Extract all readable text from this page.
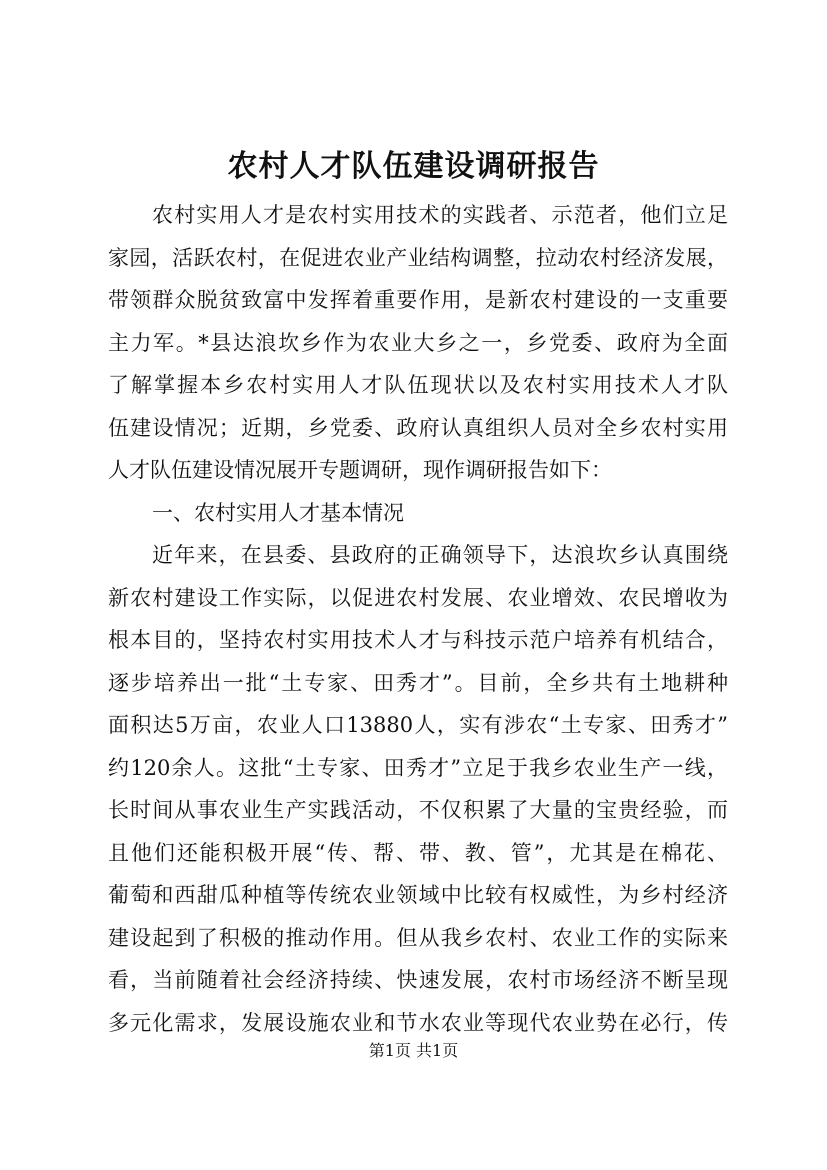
农村人才队伍建设调研报告
农村实用人才是农村实用技术的实践者、示范者，他们立足
家园，活跃农村，在促进农业产业结构调整，拉动农村经济发展，
带领群众脱贫致富中发挥着重要作用，是新农村建设的一支重要
主力军。*县达浪坎乡作为农业大乡之一，乡党委、政府为全面
了解掌握本乡农村实用人才队伍现状以及农村实用技术人才队
伍建设情况；近期，乡党委、政府认真组织人员对全乡农村实用
人才队伍建设情况展开专题调研，现作调研报告如下：
一、农村实用人才基本情况
近年来，在县委、县政府的正确领导下，达浪坎乡认真围绕
新农村建设工作实际，以促进农村发展、农业增效、农民增收为
根本目的，坚持农村实用技术人才与科技示范户培养有机结合，
逐步培养出一批“土专家、田秀才”。目前，全乡共有土地耕种
面积达5万亩，农业人口13880人，实有涉农“土专家、田秀才”
约120余人。这批“土专家、田秀才”立足于我乡农业生产一线，
长时间从事农业生产实践活动，不仅积累了大量的宝贵经验，而
且他们还能积极开展“传、帮、带、教、管”，尤其是在棉花、
葡萄和西甜瓜种植等传统农业领域中比较有权威性，为乡村经济
建设起到了积极的推动作用。但从我乡农村、农业工作的实际来
看，当前随着社会经济持续、快速发展，农村市场经济不断呈现
多元化需求，发展设施农业和节水农业等现代农业势在必行，传
第1页 共1页
